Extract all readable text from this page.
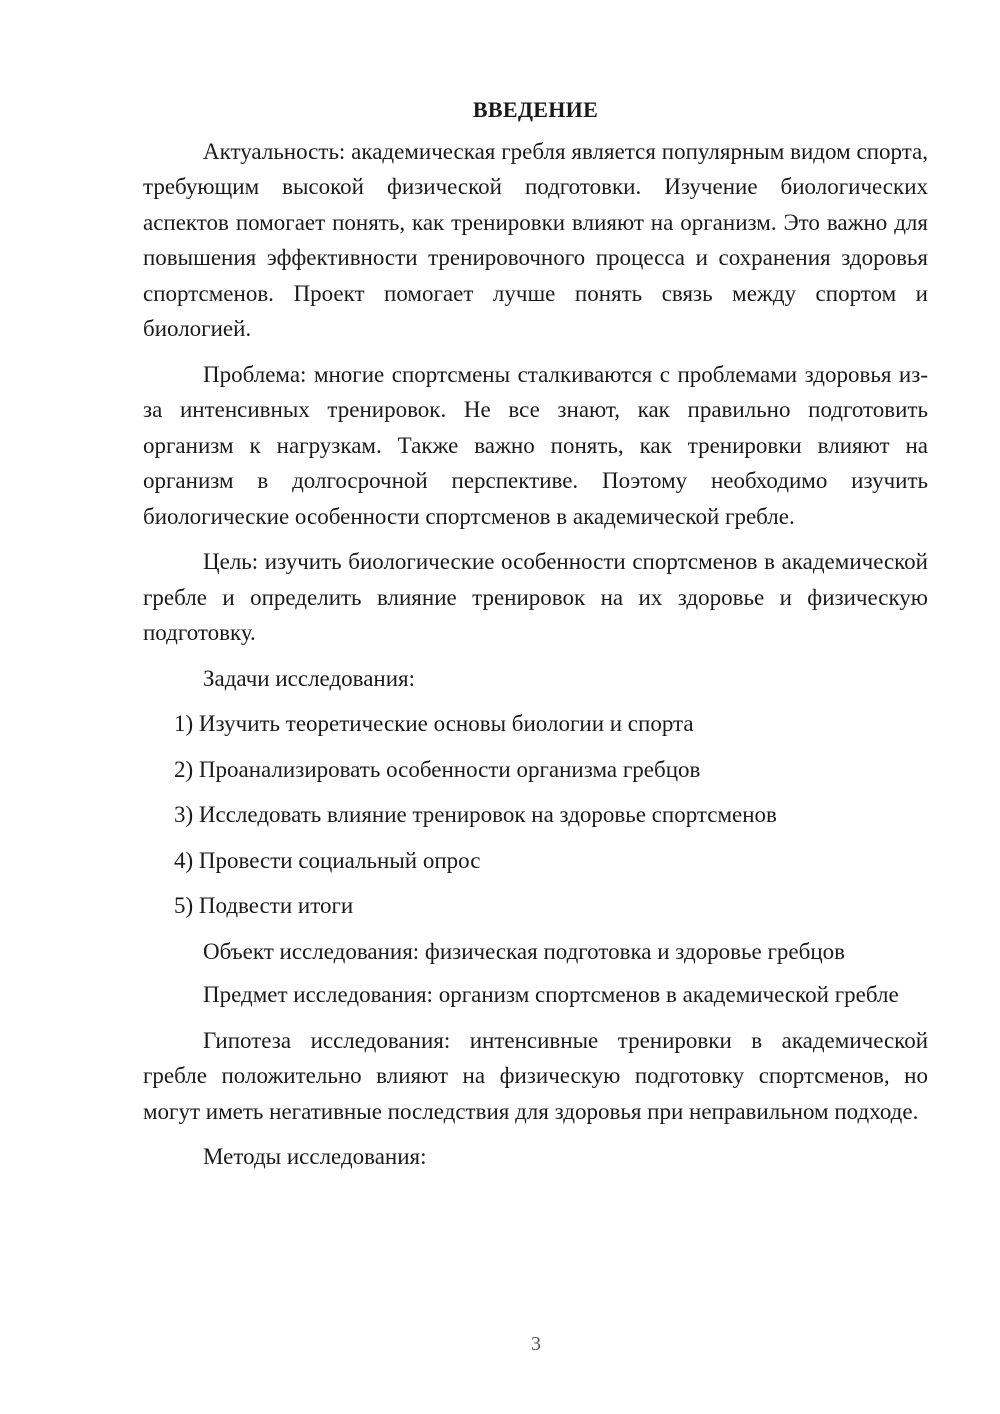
ВВЕДЕНИЕ

Актуальность: академическая гребля является популярным видом спорта, требующим высокой физической подготовки. Изучение биологических аспектов помогает понять, как тренировки влияют на организм. Это важно для повышения эффективности тренировочного процесса и сохранения здоровья спортсменов. Проект помогает лучше понять связь между спортом и биологией.

Проблема: многие спортсмены сталкиваются с проблемами здоровья из-за интенсивных тренировок. Не все знают, как правильно подготовить организм к нагрузкам. Также важно понять, как тренировки влияют на организм в долгосрочной перспективе. Поэтому необходимо изучить биологические особенности спортсменов в академической гребле.

Цель: изучить биологические особенности спортсменов в академической гребле и определить влияние тренировок на их здоровье и физическую подготовку.

Задачи исследования:

1) Изучить теоретические основы биологии и спорта
2) Проанализировать особенности организма гребцов
3) Исследовать влияние тренировок на здоровье спортсменов
4) Провести социальный опрос
5) Подвести итоги

Объект исследования: физическая подготовка и здоровье гребцов

Предмет исследования: организм спортсменов в академической гребле

Гипотеза исследования: интенсивные тренировки в академической гребле положительно влияют на физическую подготовку спортсменов, но могут иметь негативные последствия для здоровья при неправильном подходе.

Методы исследования:

3
